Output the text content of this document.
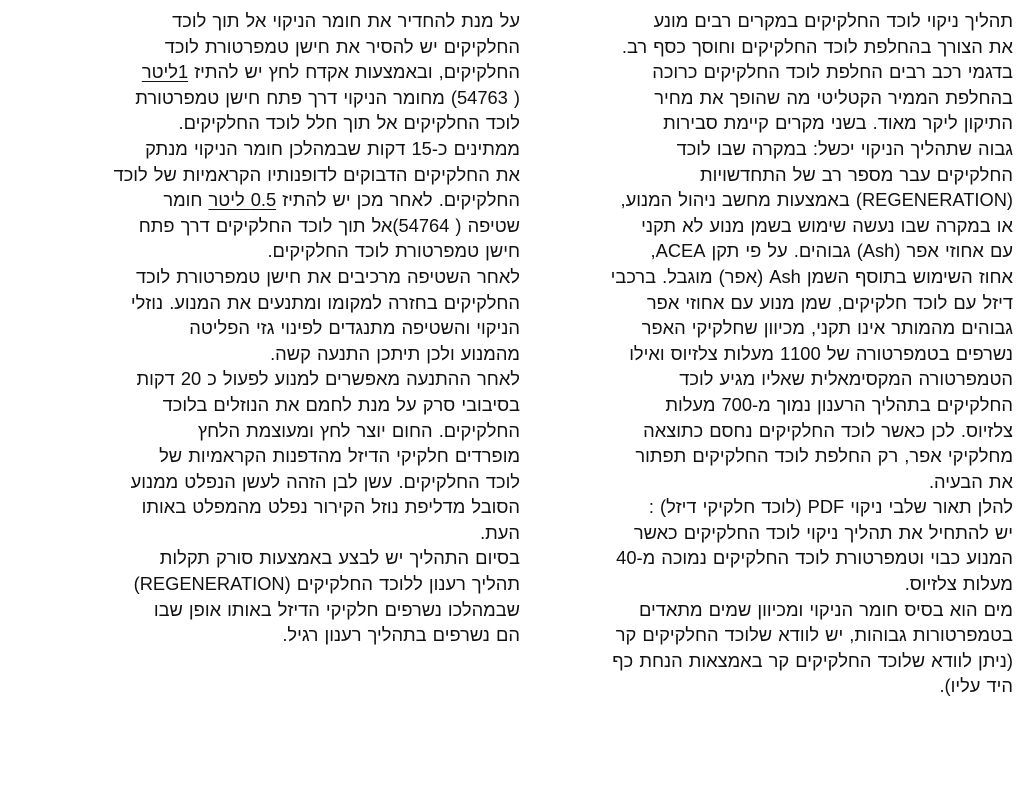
תהליך ניקוי לוכד החלקיקים במקרים רבים מונע
את הצורך בהחלפת לוכד החלקיקים וחוסך כסף רב.
בדגמי רכב רבים החלפת לוכד החלקיקים כרוכה
בהחלפת הממיר הקטליטי מה שהופך את מחיר
התיקון ליקר מאוד. בשני מקרים קיימת סבירות
גבוה שתהליך הניקוי יכשל: במקרה שבו לוכד
החלקיקים עבר מספר רב של התחדשויות
(REGENERATION) באמצעות מחשב ניהול המנוע,
או במקרה שבו נעשה שימוש בשמן מנוע לא תקני
עם אחוזי אפר (Ash) גבוהים. על פי תקן ACEA,
אחוז השימוש בתוסף השמן Ash (אפר) מוגבל. ברכבי
דיזל עם לוכד חלקיקים, שמן מנוע עם אחוזי אפר
גבוהים מהמותר אינו תקני, מכיוון שחלקיקי האפר
נשרפים בטמפרטורה של 1100 מעלות צלזיוס ואילו
הטמפרטורה המקסימאלית שאליו מגיע לוכד
החלקיקים בתהליך הרענון נמוך מ-700 מעלות
צלזיוס. לכן כאשר לוכד החלקיקים נחסם כתוצאה
מחלקיקי אפר, רק החלפת לוכד החלקיקים תפתור
את הבעיה.
להלן תאור שלבי ניקוי PDF (לוכד חלקיקי דיזל) :
יש להתחיל את תהליך ניקוי לוכד החלקיקים כאשר
המנוע כבוי וטמפרטורת לוכד החלקיקים נמוכה מ-40
מעלות צלזיוס.
מים הוא בסיס חומר הניקוי ומכיוון שמים מתאדים
בטמפרטורות גבוהות, יש לוודא שלוכד החלקיקים קר
(ניתן לוודא שלוכד החלקיקים קר באמצאות הנחת כף
היד עליו).
על מנת להחדיר את חומר הניקוי אל תוך לוכד
החלקיקים יש להסיר את חישן טמפרטורת לוכד
החלקיקים, ובאמצעות אקדח לחץ יש להתיז 1ליטר
( 54763) מחומר הניקוי דרך פתח חישן טמפרטורת
לוכד החלקיקים אל תוך חלל לוכד החלקיקים.
ממתינים כ-15 דקות שבמהלכן חומר הניקוי מנתק
את החלקיקים הדבוקים לדופנותיו הקראמיות של לוכד
החלקיקים. לאחר מכן יש להתיז 0.5 ליטר חומר
שטיפה ( 54764)אל תוך לוכד החלקיקים דרך פתח
חישן טמפרטורת לוכד החלקיקים.
לאחר השטיפה מרכיבים את חישן טמפרטורת לוכד
החלקיקים בחזרה למקומו ומתנעים את המנוע. נוזלי
הניקוי והשטיפה מתנגדים לפינוי גזי הפליטה
מהמנוע ולכן תיתכן התנעה קשה.
לאחר ההתנעה מאפשרים למנוע לפעול כ 20 דקות
בסיבובי סרק על מנת לחמם את הנוזלים בלוכד
החלקיקים. החום יוצר לחץ ומעוצמת הלחץ
מופרדים חלקיקי הדיזל מהדפנות הקראמיות של
לוכד החלקיקים. עשן לבן הזהה לעשן הנפלט ממנוע
הסובל מדליפת נוזל הקירור נפלט מהמפלט באותו
העת.
בסיום התהליך יש לבצע באמצעות סורק תקלות
תהליך רענון ללוכד החלקיקים (REGENERATION)
שבמהלכו נשרפים חלקיקי הדיזל באותו אופן שבו
הם נשרפים בתהליך רענון רגיל.
